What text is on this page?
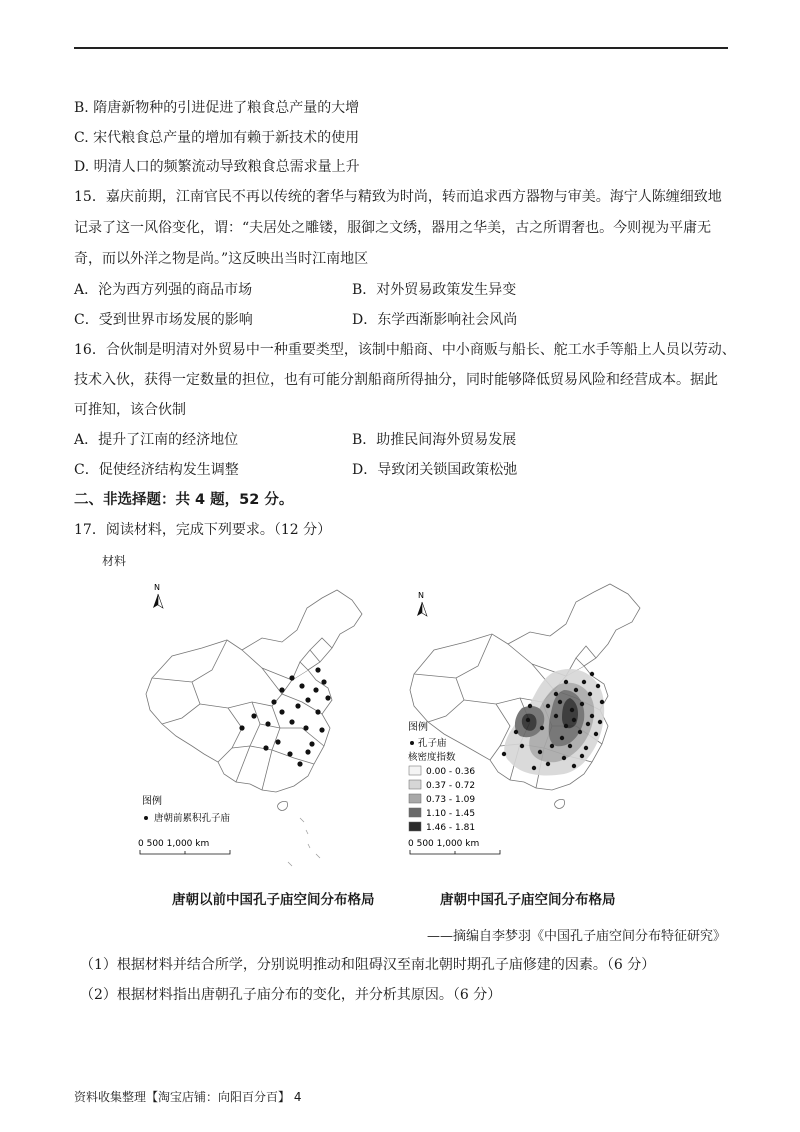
B. 隋唐新物种的引进促进了粮食总产量的大增
C. 宋代粮食总产量的增加有赖于新技术的使用
D. 明清人口的频繁流动导致粮食总需求量上升
15．嘉庆前期，江南官民不再以传统的奢华与精致为时尚，转而追求西方器物与审美。海宁人陈缠细致地
记录了这一风俗变化，谓：“夫居处之雕镂，服御之文绣，器用之华美，古之所谓奢也。今则视为平庸无
奇，而以外洋之物是尚。”这反映出当时江南地区
A．沦为西方列强的商品市场	B．对外贸易政策发生异变
C．受到世界市场发展的影响	D．东学西渐影响社会风尚
16．合伙制是明清对外贸易中一种重要类型，该制中船商、中小商贩与船长、舵工水手等船上人员以劳动、
技术入伙，获得一定数量的担位，也有可能分割船商所得抽分，同时能够降低贸易风险和经营成本。据此
可推知，该合伙制
A．提升了江南的经济地位	B．助推民间海外贸易发展
C．促使经济结构发生调整	D．导致闭关锁国政策松弛
二、非选择题：共 4 题，52 分。
17．阅读材料，完成下列要求。（12 分）
材料
N
图例
唐朝前累积孔子庙
0 500 1,000 km
N
图例
孔子庙
核密度指数
0.00 - 0.36
0.37 - 0.72
0.73 - 1.09
1.10 - 1.45
1.46 - 1.81
0 500 1,000 km
唐朝以前中国孔子庙空间分布格局	唐朝中国孔子庙空间分布格局
——摘编自李梦羽《中国孔子庙空间分布特征研究》
（1）根据材料并结合所学，分别说明推动和阻碍汉至南北朝时期孔子庙修建的因素。（6 分）
（2）根据材料指出唐朝孔子庙分布的变化，并分析其原因。（6 分）
资料收集整理【淘宝店铺：向阳百分百】 4
